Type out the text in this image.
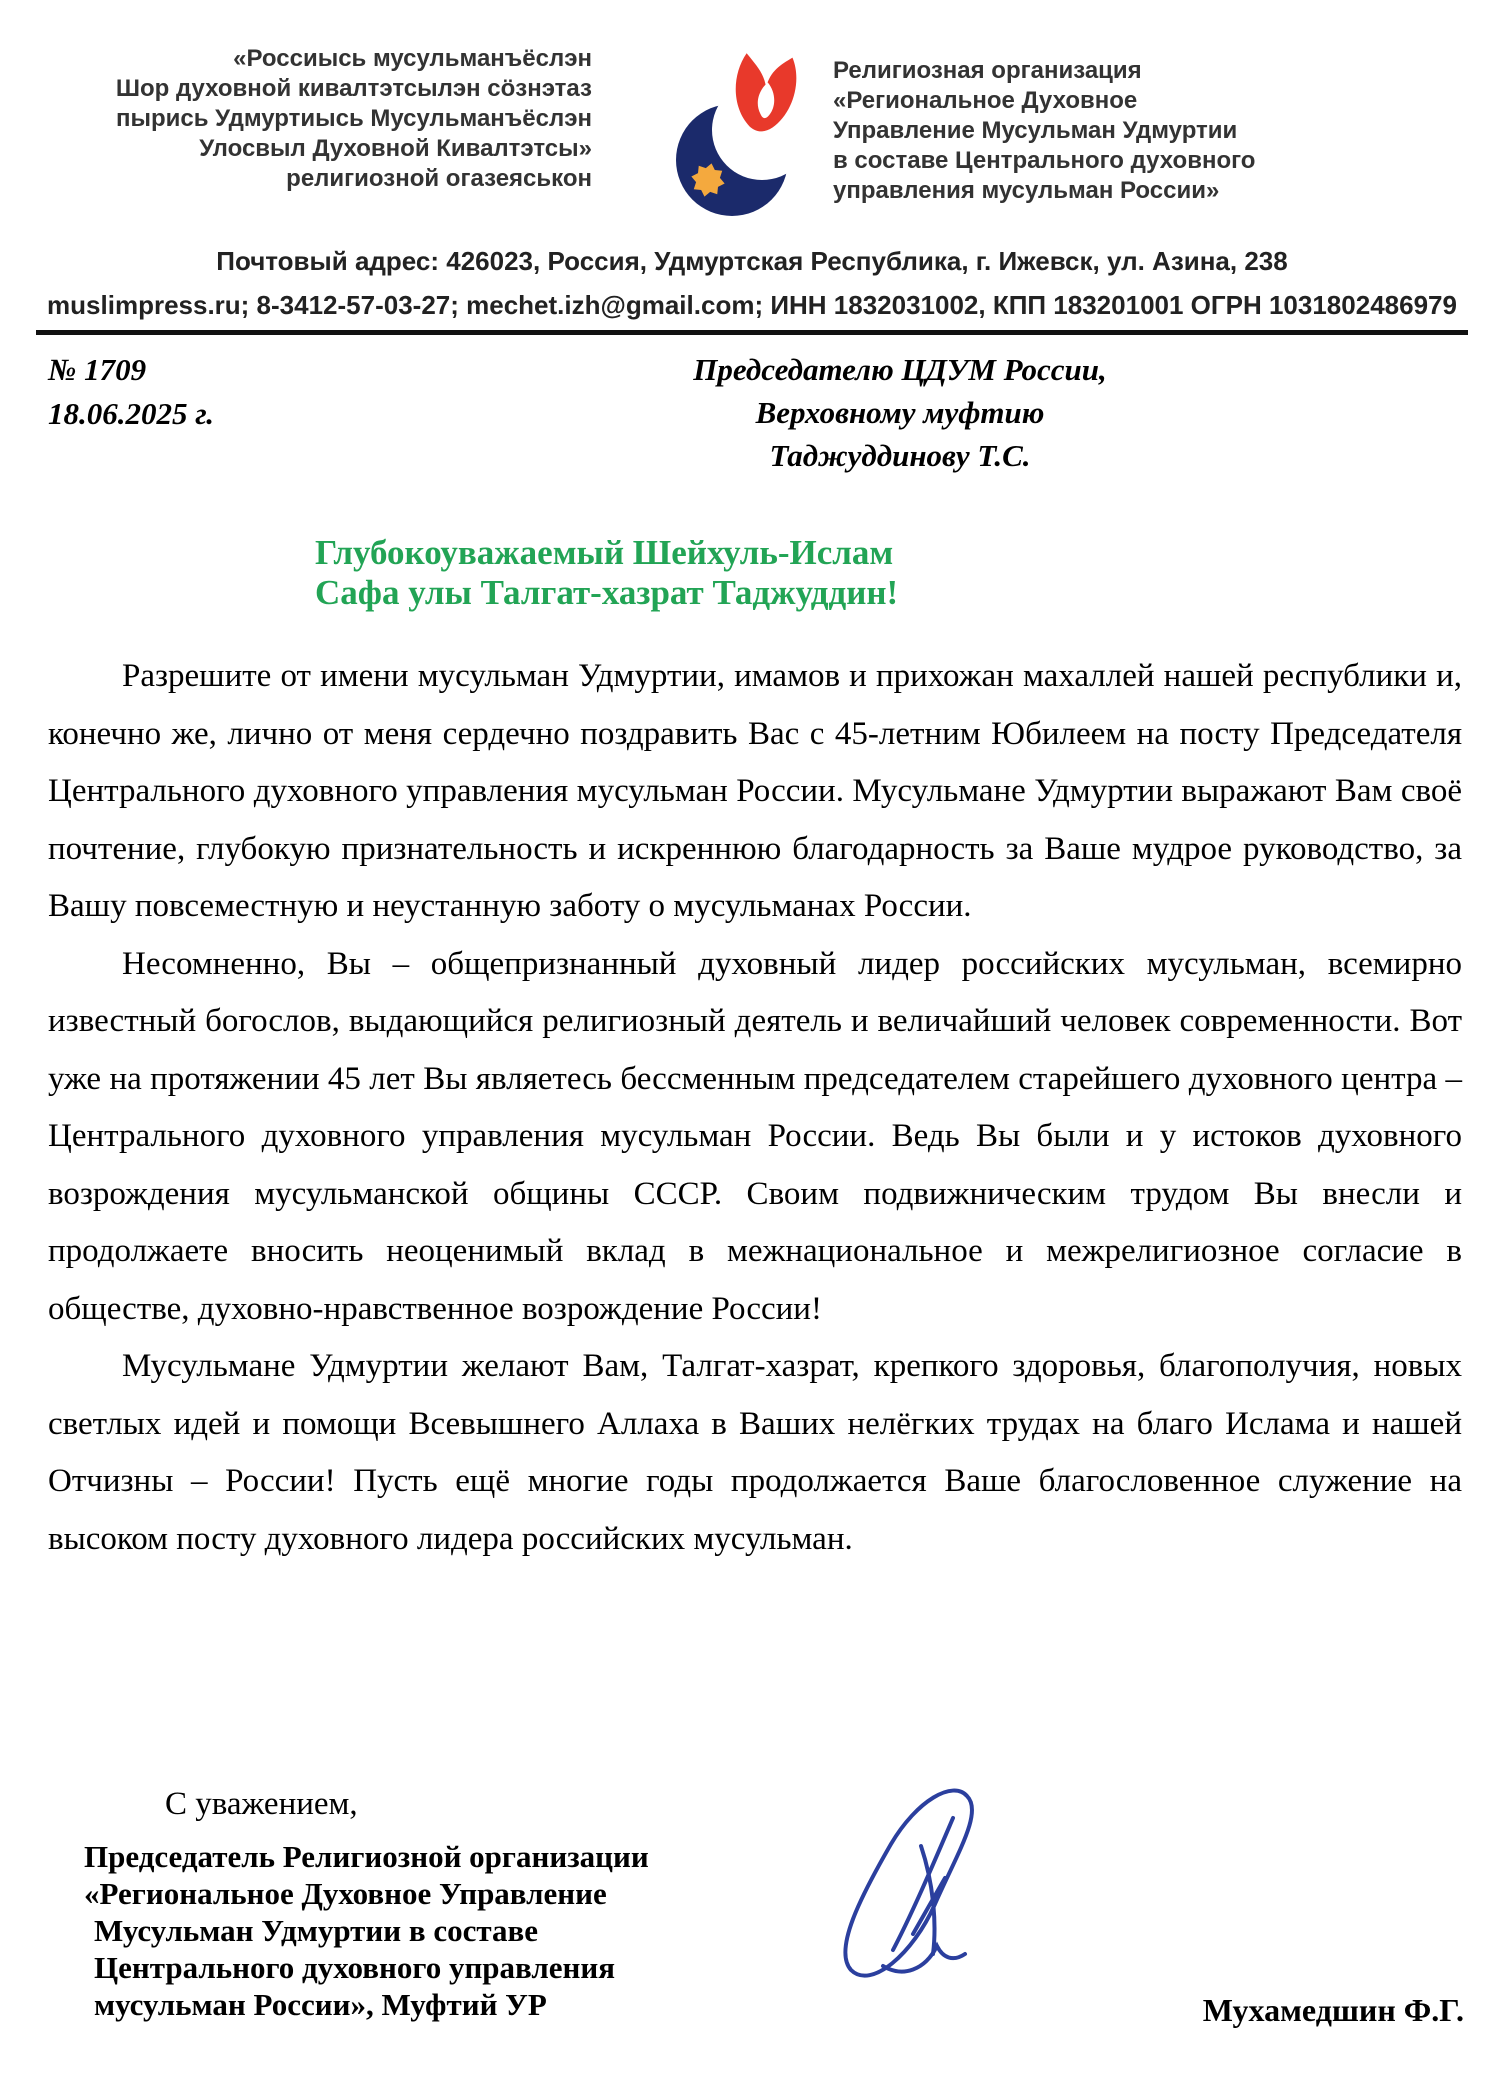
«Россиысь мусульманъёслэн
Шор духовной кивалтэтсылэн сӧзнэтаз
пырись Удмуртиысь Мусульманъёслэн
Улосвыл Духовной Кивалтэтсы»
религиозной огазеяськон
Религиозная организация
«Региональное Духовное
Управление Мусульман Удмуртии
в составе Центрального духовного
управления мусульман России»
Почтовый адрес: 426023, Россия, Удмуртская Республика, г. Ижевск, ул. Азина, 238
muslimpress.ru; 8-3412-57-03-27; mechet.izh@gmail.com; ИНН 1832031002, КПП 183201001 ОГРН 1031802486979
№ 1709
18.06.2025 г.
Председателю ЦДУМ России,
Верховному муфтию
Таджуддинову Т.С.
Глубокоуважаемый Шейхуль-Ислам
Сафа улы Талгат-хазрат Таджуддин!

Разрешите от имени мусульман Удмуртии, имамов и прихожан махаллей нашей республики и, конечно же, лично от меня сердечно поздравить Вас с 45-летним Юбилеем на посту Председателя Центрального духовного управления мусульман России. Мусульмане Удмуртии выражают Вам своё почтение, глубокую признательность и искреннюю благодарность за Ваше мудрое руководство, за Вашу повсеместную и неустанную заботу о мусульманах России.

Несомненно, Вы – общепризнанный духовный лидер российских мусульман, всемирно известный богослов, выдающийся религиозный деятель и величайший человек современности. Вот уже на протяжении 45 лет Вы являетесь бессменным председателем старейшего духовного центра – Центрального духовного управления мусульман России. Ведь Вы были и у истоков духовного возрождения мусульманской общины СССР. Своим подвижническим трудом Вы внесли и продолжаете вносить неоценимый вклад в межнациональное и межрелигиозное согласие в обществе, духовно-нравственное возрождение России!

Мусульмане Удмуртии желают Вам, Талгат-хазрат, крепкого здоровья, благополучия, новых светлых идей и помощи Всевышнего Аллаха в Ваших нелёгких трудах на благо Ислама и нашей Отчизны – России! Пусть ещё многие годы продолжается Ваше благословенное служение на высоком посту духовного лидера российских мусульман.

С уважением,
Председатель Религиозной организации
«Региональное Духовное Управление
Мусульман Удмуртии в составе
Центрального духовного управления
мусульман России», Муфтий УР	Мухамедшин Ф.Г.
